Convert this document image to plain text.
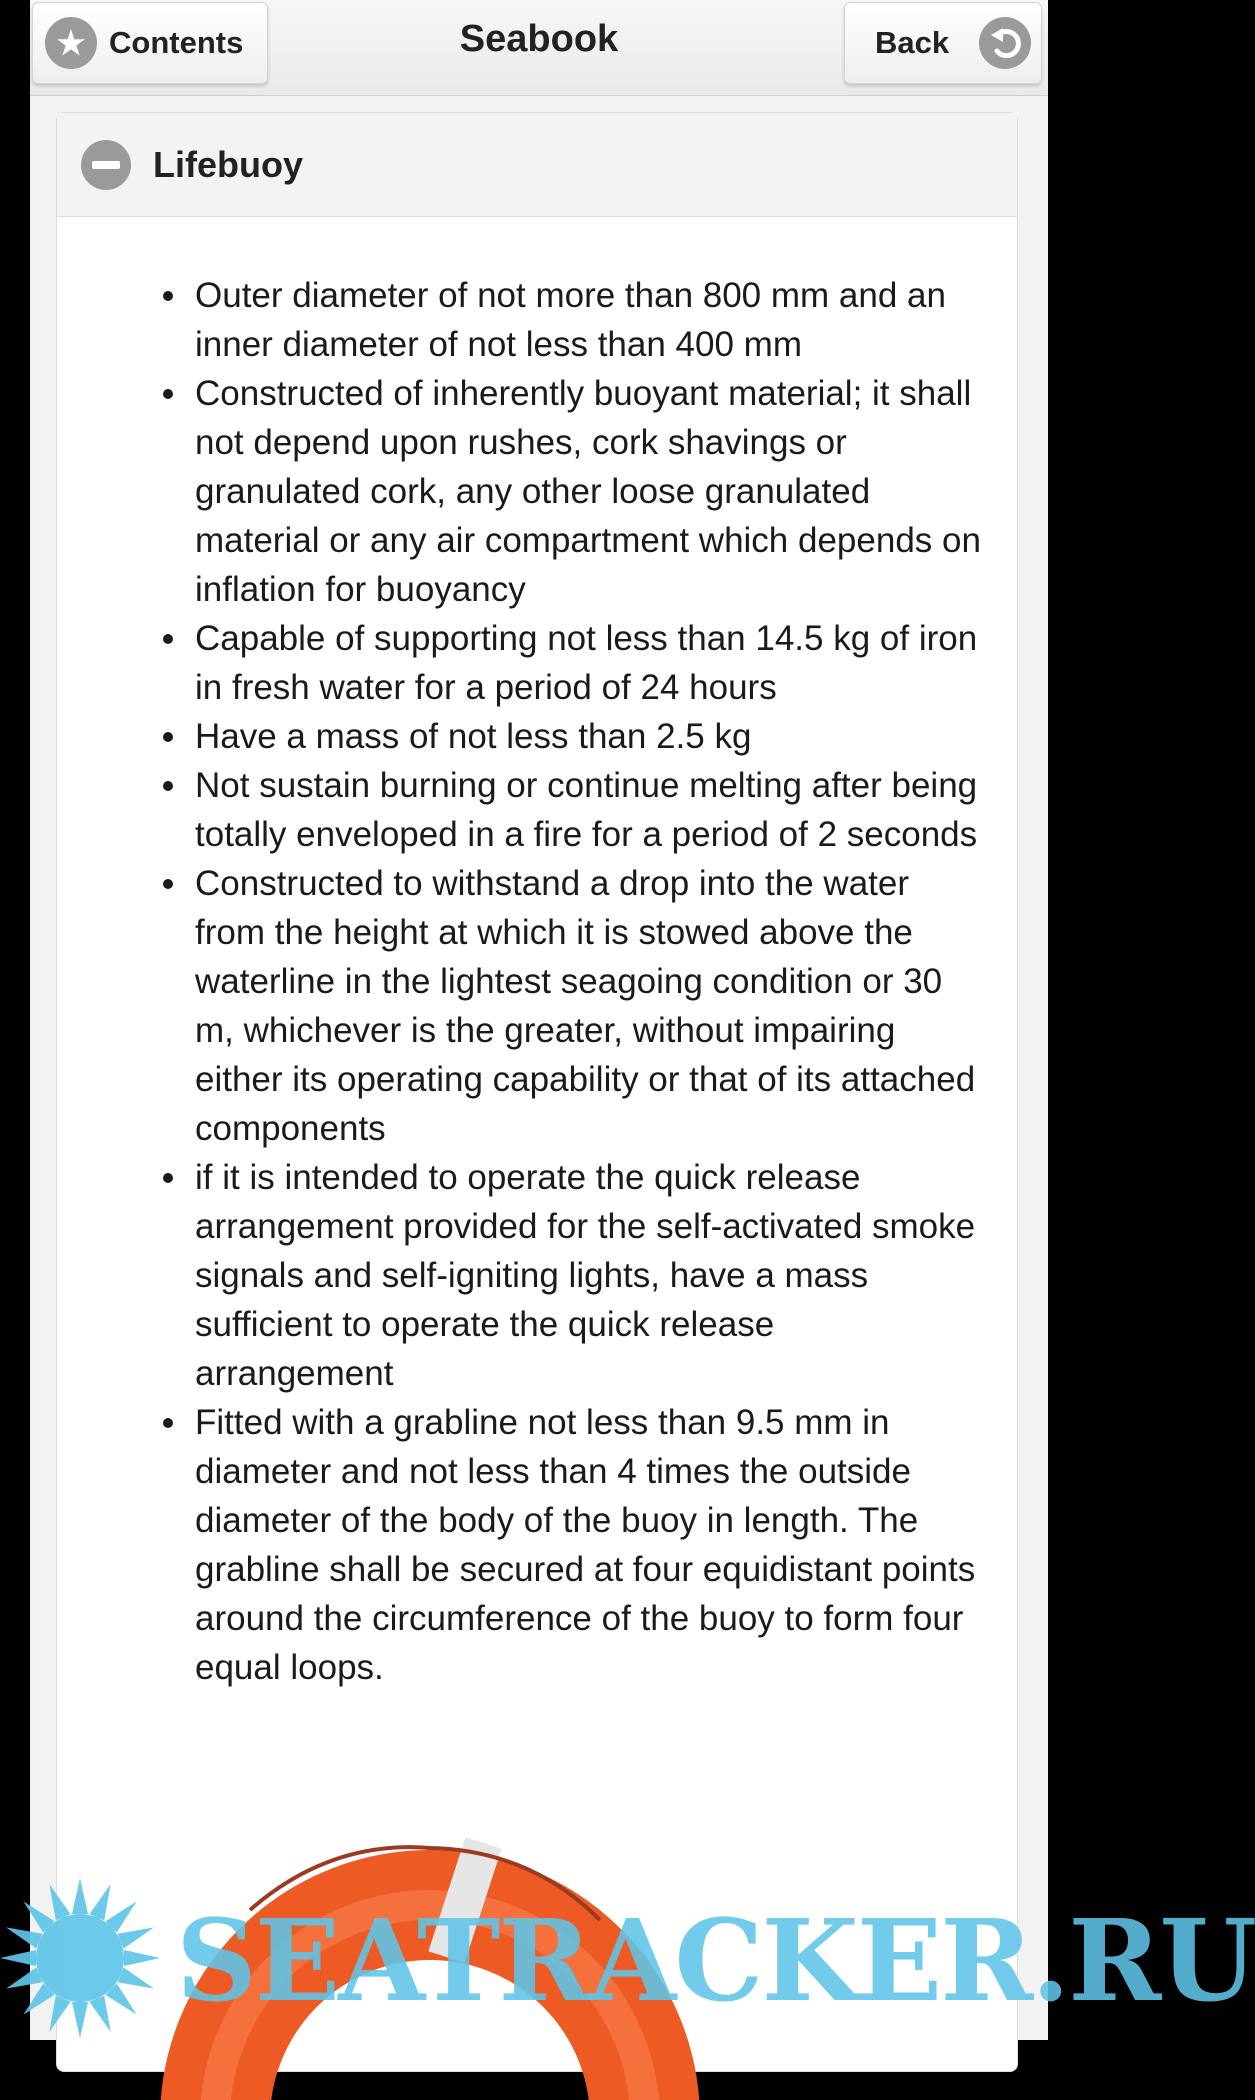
★ Contents	Seabook	Back
Lifebuoy
Outer diameter of not more than 800 mm and an inner diameter of not less than 400 mm
Constructed of inherently buoyant material; it shall not depend upon rushes, cork shavings or granulated cork, any other loose granulated material or any air compartment which depends on inflation for buoyancy
Capable of supporting not less than 14.5 kg of iron in fresh water for a period of 24 hours
Have a mass of not less than 2.5 kg
Not sustain burning or continue melting after being totally enveloped in a fire for a period of 2 seconds
Constructed to withstand a drop into the water from the height at which it is stowed above the waterline in the lightest seagoing condition or 30 m, whichever is the greater, without impairing either its operating capability or that of its attached components
if it is intended to operate the quick release arrangement provided for the self-activated smoke signals and self-igniting lights, have a mass sufficient to operate the quick release arrangement
Fitted with a grabline not less than 9.5 mm in diameter and not less than 4 times the outside diameter of the body of the buoy in length. The grabline shall be secured at four equidistant points around the circumference of the buoy to form four equal loops.
SEATRACKER.RU
